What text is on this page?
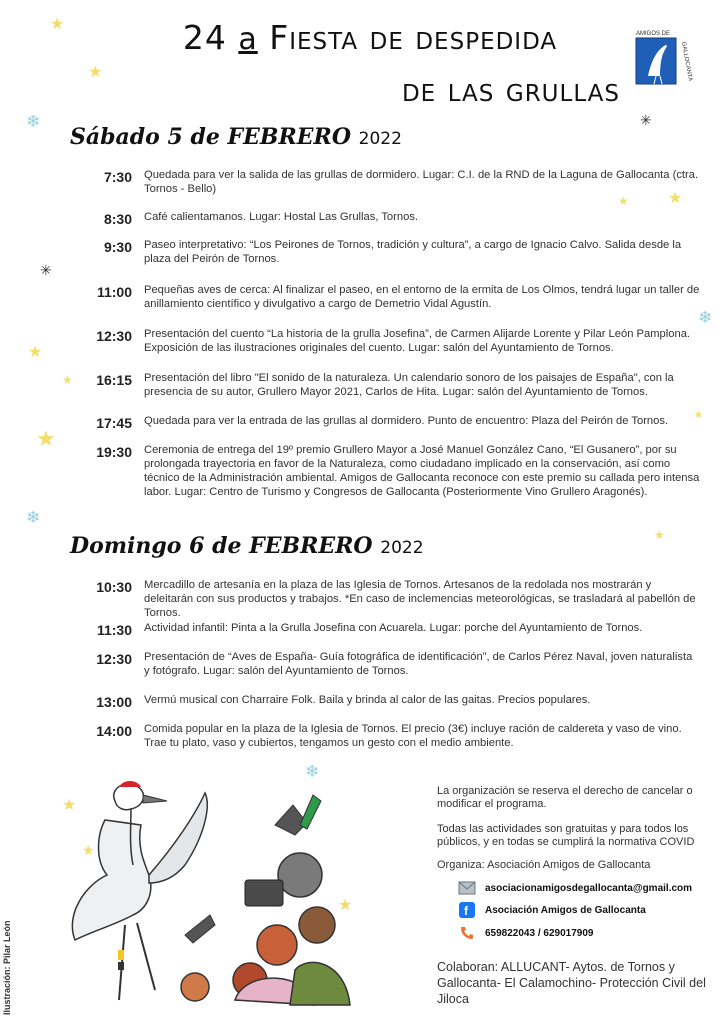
★
★
★ ★
★
★
★
★
★
★
★
★
❄
❄
❄
❄
✳
✳
24 a Fiesta de despedida
de las grullas
AMIGOS DE
GALLOCANTA
Sábado 5 de FEBRERO 2022
7:30 Quedada para ver la salida de las grullas de dormidero. Lugar: C.I. de la RND de la Laguna de Gallocanta (ctra. Tornos - Bello)
8:30 Café calientamanos. Lugar: Hostal Las Grullas, Tornos.
9:30 Paseo interpretativo: “Los Peirones de Tornos, tradición y cultura”, a cargo de Ignacio Calvo. Salida desde la plaza del Peirón de Tornos.
11:00 Pequeñas aves de cerca: Al finalizar el paseo, en el entorno de la ermita de Los Olmos, tendrá lugar un taller de anillamiento científico y divulgativo a cargo de Demetrio Vidal Agustín.
12:30 Presentación del cuento “La historia de la grulla Josefina”, de Carmen Alijarde Lorente y Pilar León Pamplona. Exposición de las ilustraciones originales del cuento. Lugar: salón del Ayuntamiento de Tornos.
16:15 Presentación del libro "El sonido de la naturaleza. Un calendario sonoro de los paisajes de España", con la presencia de su autor, Grullero Mayor 2021, Carlos de Hita. Lugar: salón del Ayuntamiento de Tornos.
17:45 Quedada para ver la entrada de las grullas al dormidero. Punto de encuentro: Plaza del Peirón de Tornos.
19:30 Ceremonia de entrega del 19º premio Grullero Mayor a José Manuel González Cano, “El Gusanero”, por su prolongada trayectoria en favor de la Naturaleza, como ciudadano implicado en la conservación, así como técnico de la Administración ambiental. Amigos de Gallocanta reconoce con este premio su callada pero intensa labor. Lugar: Centro de Turismo y Congresos de Gallocanta (Posteriormente Vino Grullero Aragonés).
Domingo 6 de FEBRERO 2022
10:30 Mercadillo de artesanía en la plaza de las Iglesia de Tornos. Artesanos de la redolada nos mostrarán y deleitarán con sus productos y trabajos. *En caso de inclemencias meteorológicas, se trasladará al pabellón de Tornos.
11:30 Actividad infantil: Pinta a la Grulla Josefina con Acuarela. Lugar: porche del Ayuntamiento de Tornos.
12:30 Presentación de “Aves de España- Guía fotográfica de identificación”, de Carlos Pérez Naval, joven naturalista y fotógrafo. Lugar: salón del Ayuntamiento de Tornos.
13:00 Vermú musical con Charraire Folk. Baila y brinda al calor de las gaitas. Precios populares.
14:00 Comida popular en la plaza de la Iglesia de Tornos. El precio (3€) incluye ración de caldereta y vaso de vino. Trae tu plato, vaso y cubiertos, tengamos un gesto con el medio ambiente.
Ilustración: Pilar León
La organización se reserva el derecho de cancelar o modificar el programa.
Todas las actividades son gratuitas y para todos los públicos, y en todas se cumplirá la normativa COVID
Organiza: Asociación Amigos de Gallocanta
asociacionamigosdegallocanta@gmail.com
f Asociación Amigos de Gallocanta
659822043 / 629017909
Colaboran: ALLUCANT- Aytos. de Tornos y Gallocanta- El Calamochino- Protección Civil del Jiloca
